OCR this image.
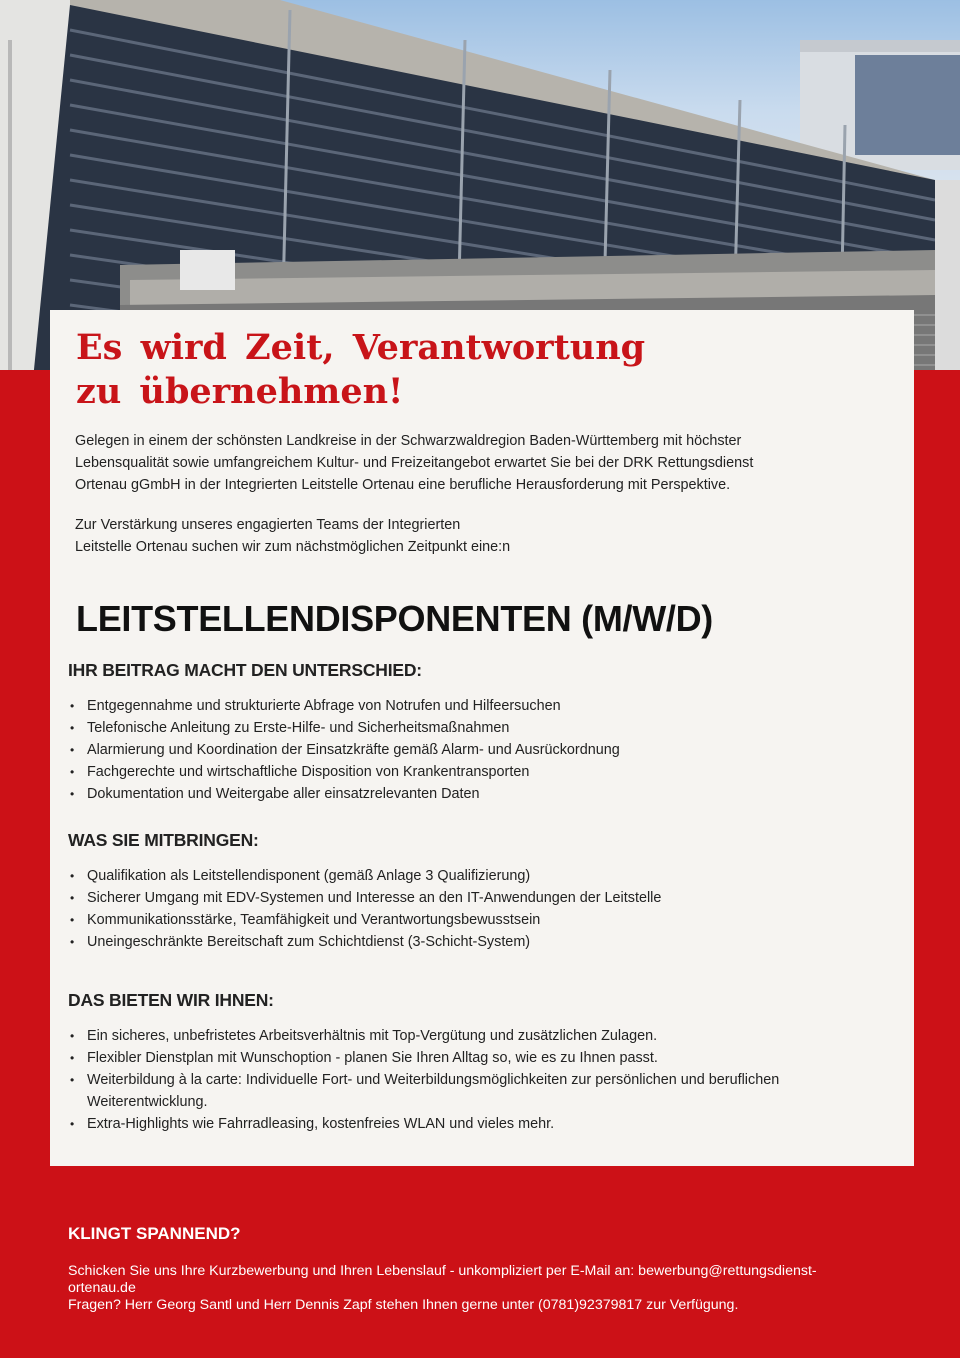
Es wird Zeit, Verantwortung
zu übernehmen!

Gelegen in einem der schönsten Landkreise in der Schwarzwaldregion Baden-Württemberg mit höchster Lebensqualität sowie umfangreichem Kultur- und Freizeitangebot erwartet Sie bei der DRK Rettungsdienst Ortenau gGmbH in der Integrierten Leitstelle Ortenau eine berufliche Herausforderung mit Perspektive.

Zur Verstärkung unseres engagierten Teams der Integrierten
Leitstelle Ortenau suchen wir zum nächstmöglichen Zeitpunkt eine:n

LEITSTELLENDISPONENTEN (M/W/D)
IHR BEITRAG MACHT DEN UNTERSCHIED:
• Entgegennahme und strukturierte Abfrage von Notrufen und Hilfeersuchen
• Telefonische Anleitung zu Erste-Hilfe- und Sicherheitsmaßnahmen
• Alarmierung und Koordination der Einsatzkräfte gemäß Alarm- und Ausrückordnung
• Fachgerechte und wirtschaftliche Disposition von Krankentransporten
• Dokumentation und Weitergabe aller einsatzrelevanten Daten
WAS SIE MITBRINGEN:
• Qualifikation als Leitstellendisponent (gemäß Anlage 3 Qualifizierung)
• Sicherer Umgang mit EDV-Systemen und Interesse an den IT-Anwendungen der Leitstelle
• Kommunikationsstärke, Teamfähigkeit und Verantwortungsbewusstsein
• Uneingeschränkte Bereitschaft zum Schichtdienst (3-Schicht-System)
DAS BIETEN WIR IHNEN:
• Ein sicheres, unbefristetes Arbeitsverhältnis mit Top-Vergütung und zusätzlichen Zulagen.
• Flexibler Dienstplan mit Wunschoption - planen Sie Ihren Alltag so, wie es zu Ihnen passt.
• Weiterbildung à la carte: Individuelle Fort- und Weiterbildungsmöglichkeiten zur persönlichen und beruflichen Weiterentwicklung.
• Extra-Highlights wie Fahrradleasing, kostenfreies WLAN und vieles mehr.
KLINGT SPANNEND?
Schicken Sie uns Ihre Kurzbewerbung und Ihren Lebenslauf - unkompliziert per E-Mail an: bewerbung@rettungsdienst-
ortenau.de
Fragen? Herr Georg Santl und Herr Dennis Zapf stehen Ihnen gerne unter (0781)92379817 zur Verfügung.
